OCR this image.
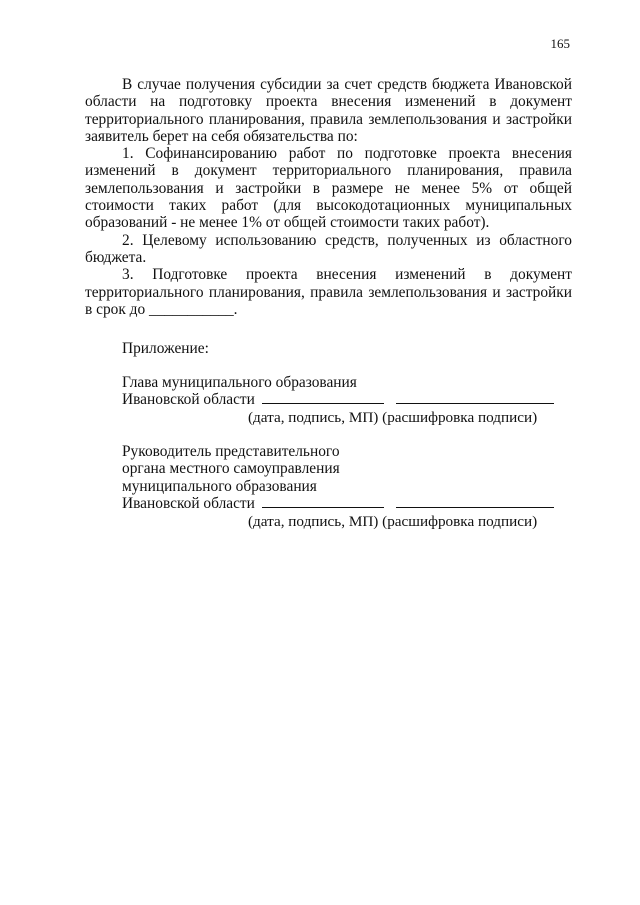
165

В случае получения субсидии за счет средств бюджета Ивановской области на подготовку проекта внесения изменений в документ территориального планирования, правила землепользования и застройки заявитель берет на себя обязательства по:

1. Софинансированию работ по подготовке проекта внесения изменений в документ территориального планирования, правила землепользования и застройки в размере не менее 5% от общей стоимости таких работ (для высокодотационных муниципальных образований - не менее 1% от общей стоимости таких работ).

2. Целевому использованию средств, полученных из областного бюджета.

3. Подготовке проекта внесения изменений в документ территориального планирования, правила землепользования и застройки в срок до ___________.

Приложение:
Глава муниципального образования
Ивановской области
(дата, подпись, МП) (расшифровка подписи)
Руководитель представительного
органа местного самоуправления
муниципального образования
Ивановской области
(дата, подпись, МП) (расшифровка подписи)
